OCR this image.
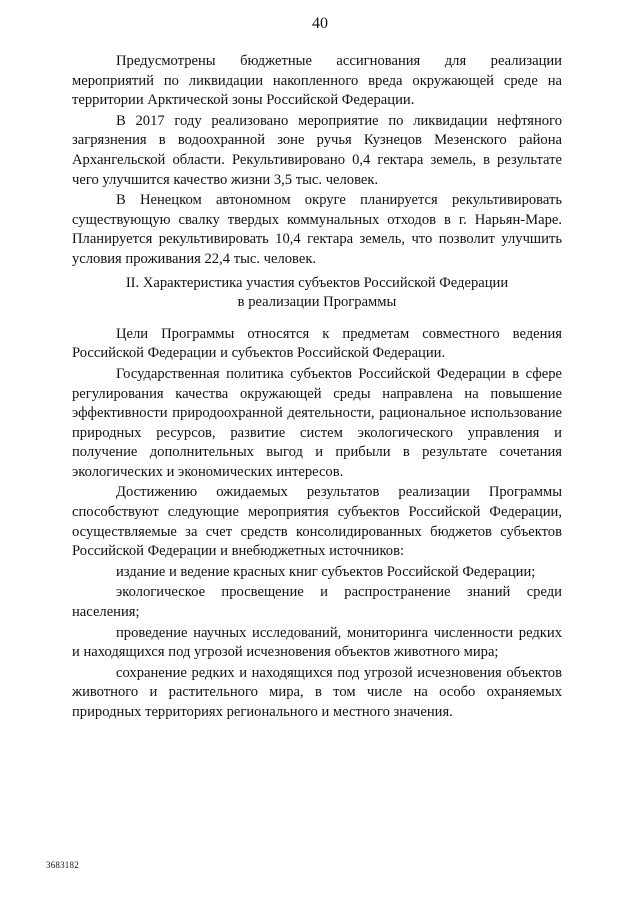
40

Предусмотрены бюджетные ассигнования для реализации мероприятий по ликвидации накопленного вреда окружающей среде на территории Арктической зоны Российской Федерации.

В 2017 году реализовано мероприятие по ликвидации нефтяного загрязнения в водоохранной зоне ручья Кузнецов Мезенского района Архангельской области. Рекультивировано 0,4 гектара земель, в результате чего улучшится качество жизни 3,5 тыс. человек.

В Ненецком автономном округе планируется рекультивировать существующую свалку твердых коммунальных отходов в г. Нарьян-Маре. Планируется рекультивировать 10,4 гектара земель, что позволит улучшить условия проживания 22,4 тыс. человек.

II. Характеристика участия субъектов Российской Федерации
в реализации Программы

Цели Программы относятся к предметам совместного ведения Российской Федерации и субъектов Российской Федерации.

Государственная политика субъектов Российской Федерации в сфере регулирования качества окружающей среды направлена на повышение эффективности природоохранной деятельности, рациональное использование природных ресурсов, развитие систем экологического управления и получение дополнительных выгод и прибыли в результате сочетания экологических и экономических интересов.

Достижению ожидаемых результатов реализации Программы способствуют следующие мероприятия субъектов Российской Федерации, осуществляемые за счет средств консолидированных бюджетов субъектов Российской Федерации и внебюджетных источников:

издание и ведение красных книг субъектов Российской Федерации;

экологическое просвещение и распространение знаний среди населения;

проведение научных исследований, мониторинга численности редких и находящихся под угрозой исчезновения объектов животного мира;

сохранение редких и находящихся под угрозой исчезновения объектов животного и растительного мира, в том числе на особо охраняемых природных территориях регионального и местного значения.

3683182
